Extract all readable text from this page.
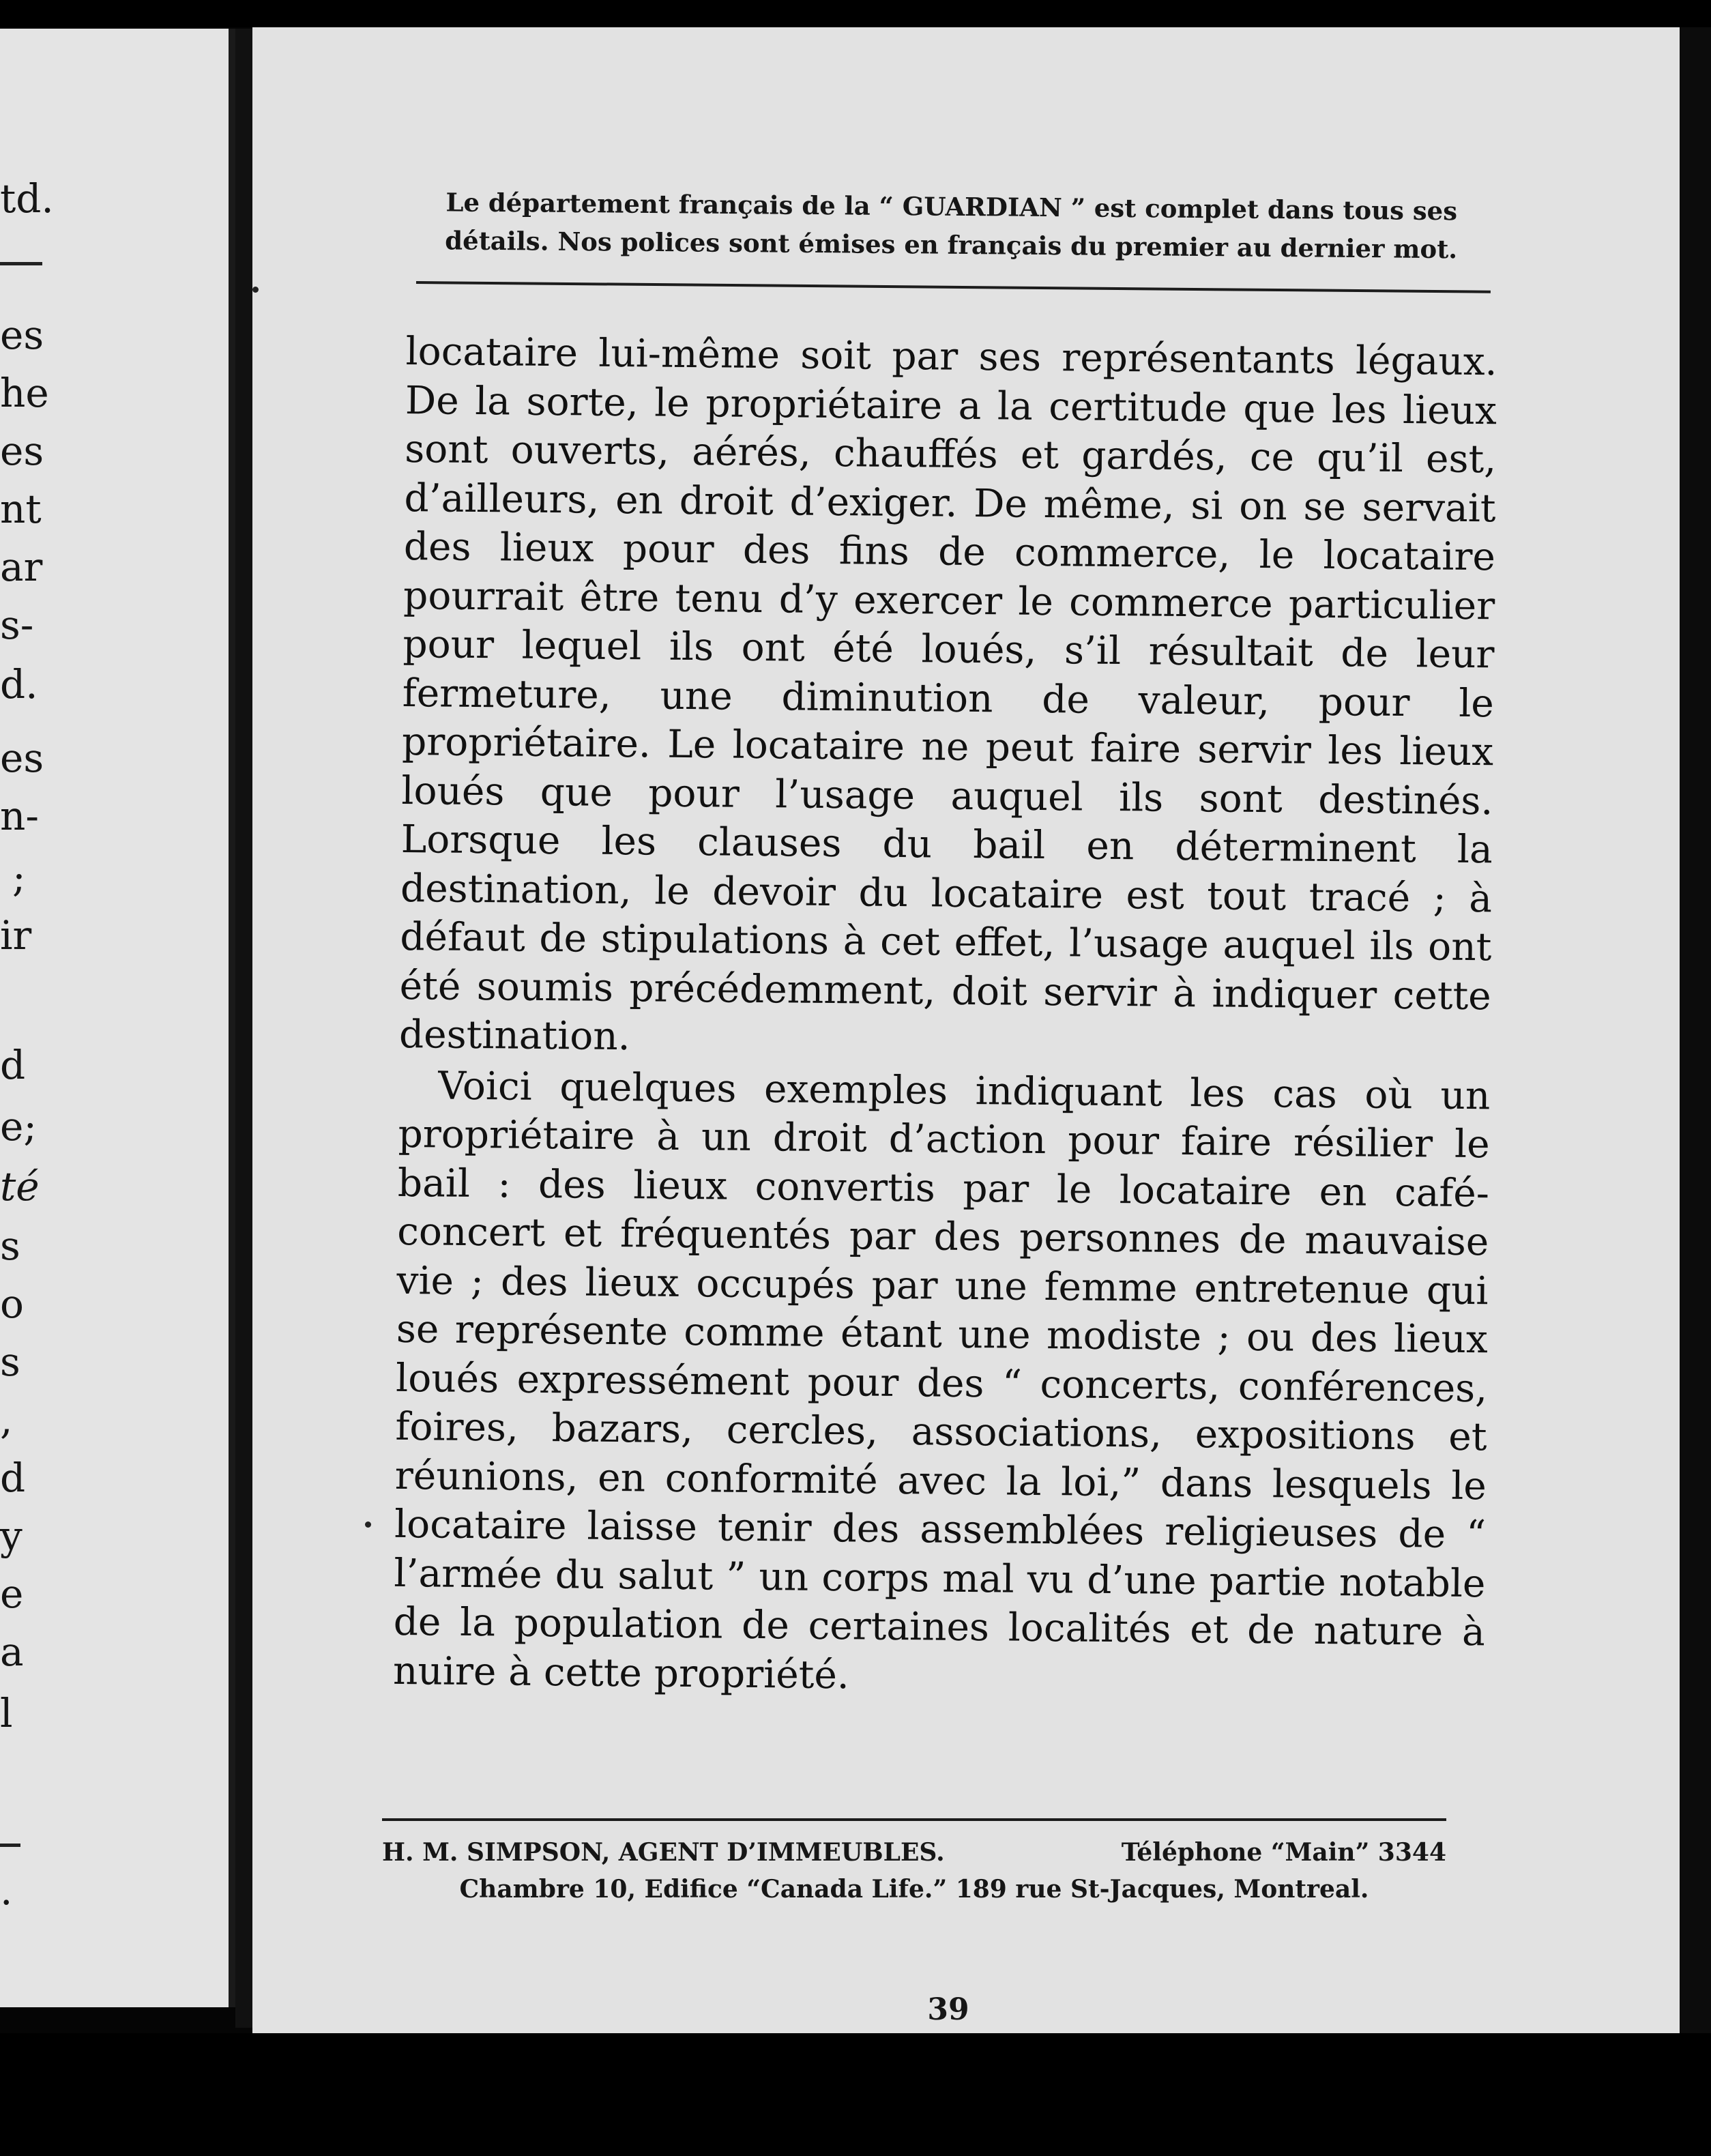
td.
es
he
es
nt
ar
s-
d.
es
n-
;
ir
d
e;
té
s
o
s
,
d
y
e
a
l
.
Le département français de la “ GUARDIAN ” est complet dans tous ses
détails. Nos polices sont émises en français du premier au dernier mot.

locataire lui-même soit par ses représentants légaux. De la sorte, le propriétaire a la certitude que les lieux sont ouverts, aérés, chauffés et gardés, ce qu’il est, d’ailleurs, en droit d’exiger. De même, si on se servait des lieux pour des fins de commerce, le locataire pourrait être tenu d’y exercer le commerce particulier pour lequel ils ont été loués, s’il résultait de leur fermeture, une diminution de valeur, pour le propriétaire. Le locataire ne peut faire servir les lieux loués que pour l’usage auquel ils sont destinés. Lorsque les clauses du bail en déterminent la destination, le devoir du locataire est tout tracé ; à défaut de stipulations à cet effet, l’usage auquel ils ont été soumis précédemment, doit servir à indiquer cette destination.

Voici quelques exemples indiquant les cas où un propriétaire à un droit d’action pour faire résilier le bail : des lieux convertis par le locataire en café-concert et fréquentés par des personnes de mauvaise vie ; des lieux occupés par une femme entretenue qui se représente comme étant une modiste ; ou des lieux loués expressément pour des “ concerts, conférences, foires, bazars, cercles, associations, expositions et réunions, en conformité avec la loi,” dans lesquels le locataire laisse tenir des assemblées religieuses de “ l’armée du salut ” un corps mal vu d’une partie notable de la population de certaines localités et de nature à nuire à cette propriété.

H. M. SIMPSON, AGENT D’IMMEUBLES.	Téléphone “Main” 3344
Chambre 10, Edifice “Canada Life.” 189 rue St-Jacques, Montreal.
39
